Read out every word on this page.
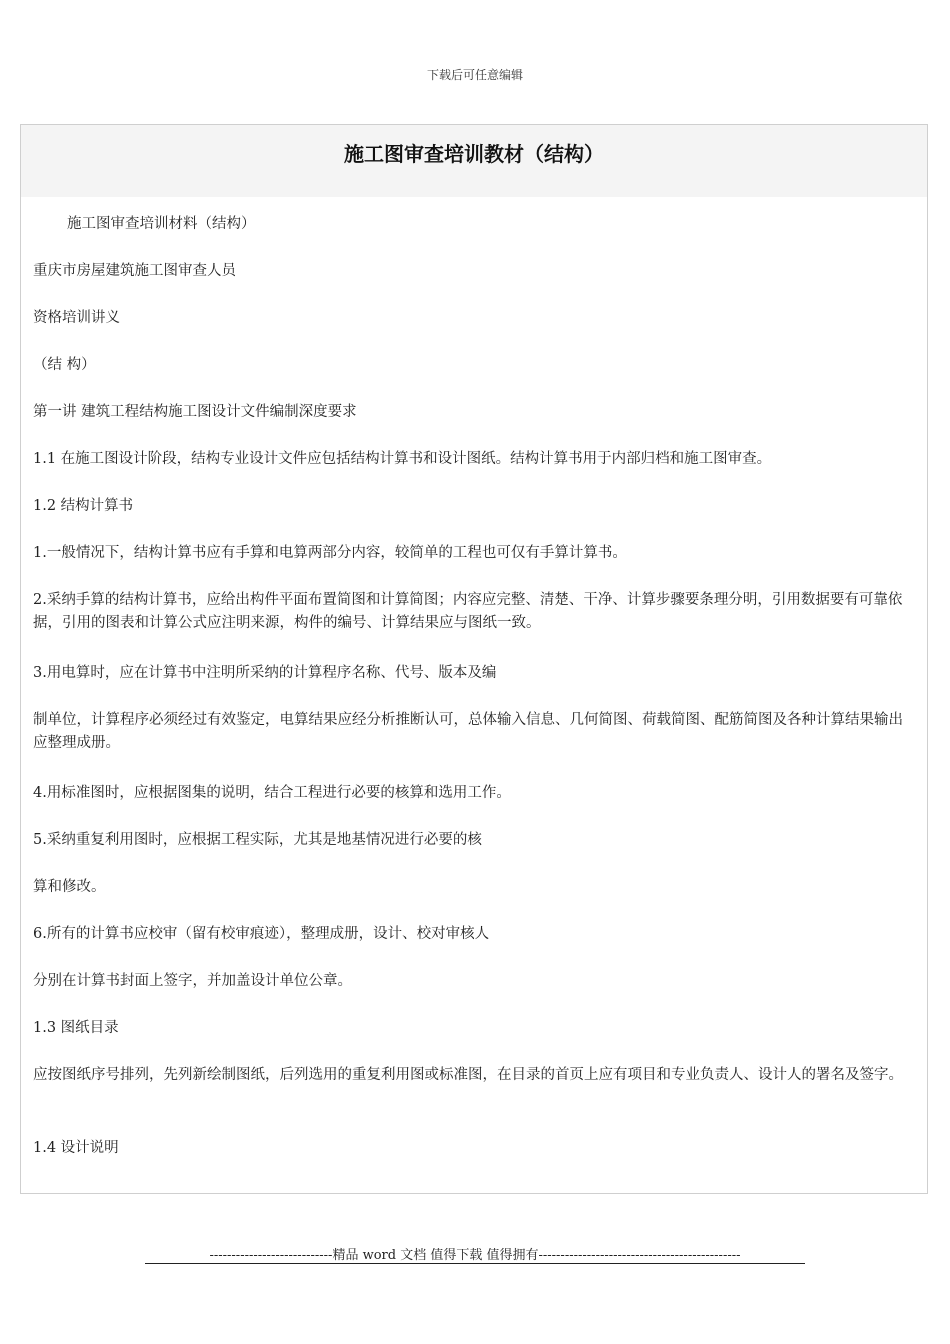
下载后可任意编辑
施工图审查培训教材（结构）

施工图审查培训材料（结构）

重庆市房屋建筑施工图审查人员

资格培训讲义

（结 构）

第一讲 建筑工程结构施工图设计文件编制深度要求

1.1 在施工图设计阶段，结构专业设计文件应包括结构计算书和设计图纸。结构计算书用于内部归档和施工图审查。

1.2 结构计算书

1.一般情况下，结构计算书应有手算和电算两部分内容，较简单的工程也可仅有手算计算书。

2.采纳手算的结构计算书，应给出构件平面布置简图和计算简图；内容应完整、清楚、干净、计算步骤要条理分明，引用数据要有可靠依据，引用的图表和计算公式应注明来源，构件的编号、计算结果应与图纸一致。

3.用电算时，应在计算书中注明所采纳的计算程序名称、代号、版本及编

制单位，计算程序必须经过有效鉴定，电算结果应经分析推断认可，总体输入信息、几何简图、荷载简图、配筋简图及各种计算结果输出应整理成册。

4.用标准图时，应根据图集的说明，结合工程进行必要的核算和选用工作。

5.采纳重复利用图时，应根据工程实际，尤其是地基情况进行必要的核

算和修改。

6.所有的计算书应校审（留有校审痕迹），整理成册，设计、校对审核人

分别在计算书封面上签字，并加盖设计单位公章。

1.3 图纸目录

应按图纸序号排列，先列新绘制图纸，后列选用的重复利用图或标准图，在目录的首页上应有项目和专业负责人、设计人的署名及签字。

1.4 设计说明

----------------------------精品 word 文档 值得下载 值得拥有----------------------------------------------
